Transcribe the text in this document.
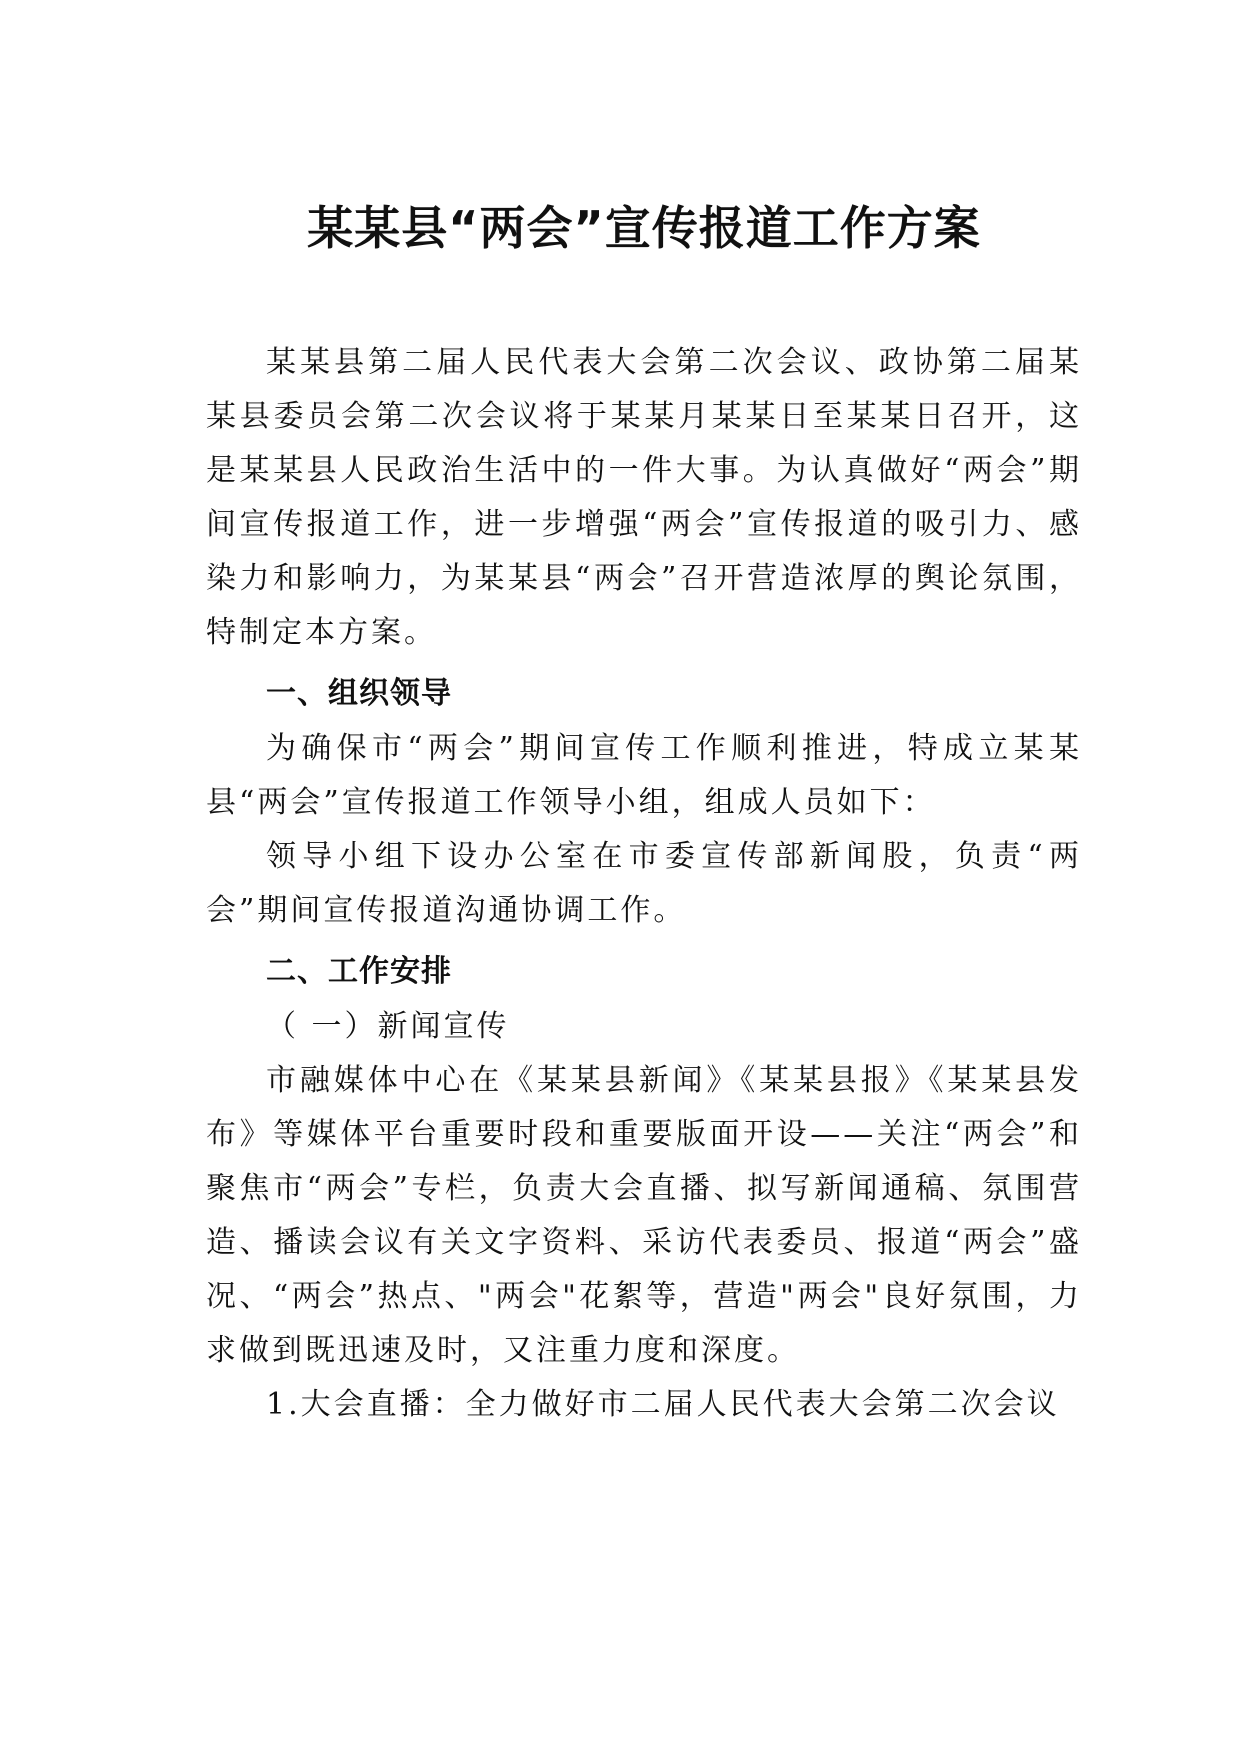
某某县“两会”宣传报道工作方案

某某县第二届人民代表大会第二次会议、政协第二届某某县委员会第二次会议将于某某月某某日至某某日召开，这是某某县人民政治生活中的一件大事。为认真做好“两会”期间宣传报道工作，进一步增强“两会”宣传报道的吸引力、感染力和影响力，为某某县“两会”召开营造浓厚的舆论氛围，特制定本方案。

一、组织领导

为确保市“两会”期间宣传工作顺利推进，特成立某某县“两会”宣传报道工作领导小组，组成人员如下：

领导小组下设办公室在市委宣传部新闻股，负责“两会”期间宣传报道沟通协调工作。

二、工作安排

（ 一）新闻宣传

市融媒体中心在《某某县新闻》《某某县报》《某某县发布》等媒体平台重要时段和重要版面开设——关注“两会”和聚焦市“两会”专栏，负责大会直播、拟写新闻通稿、氛围营造、播读会议有关文字资料、采访代表委员、报道“两会”盛况、“两会”热点、"两会"花絮等，营造"两会"良好氛围，力求做到既迅速及时，又注重力度和深度。

1.大会直播：全力做好市二届人民代表大会第二次会议
